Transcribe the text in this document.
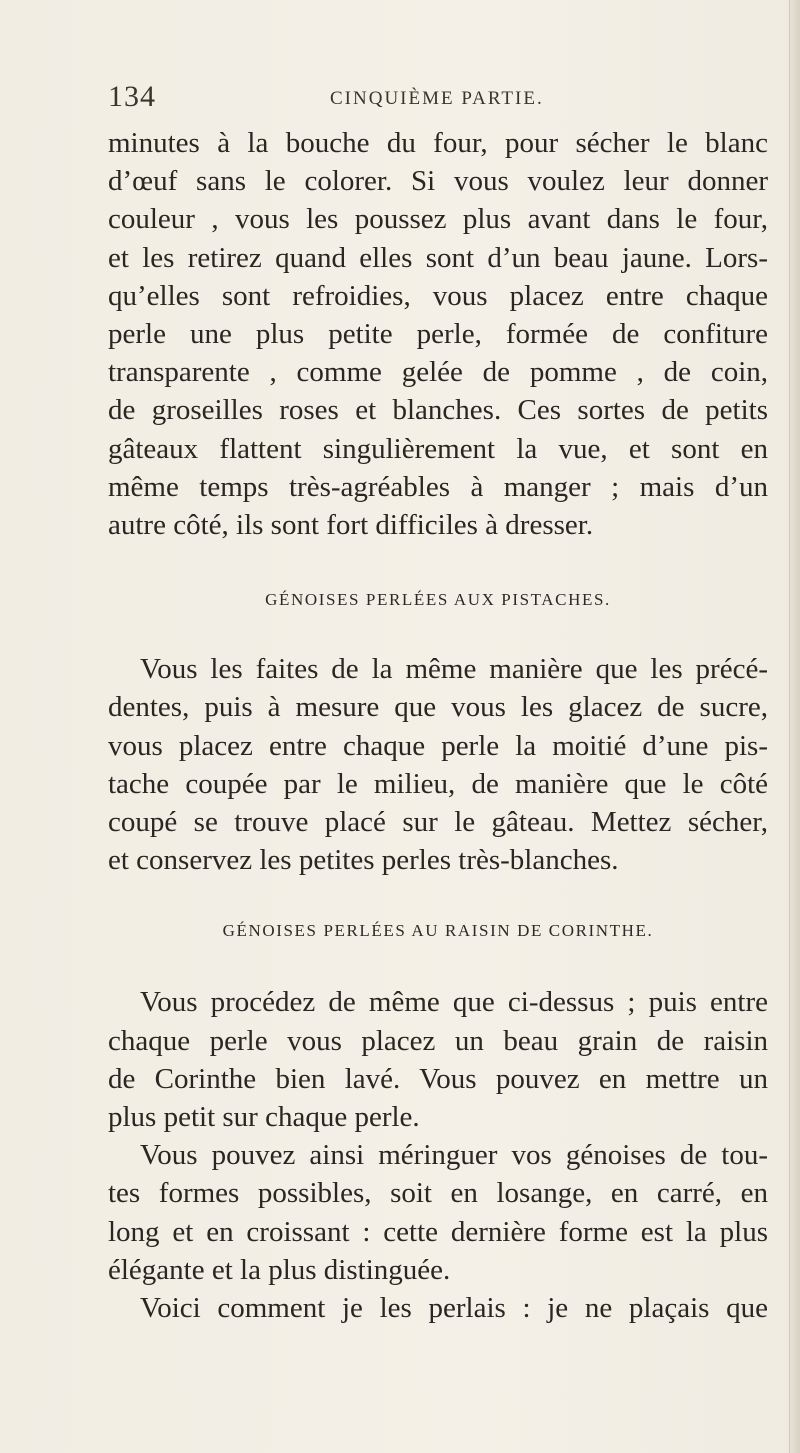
134	CINQUIÈME PARTIE.

minutes à la bouche du four, pour sécher le blanc
d’œuf sans le colorer. Si vous voulez leur donner
couleur , vous les poussez plus avant dans le four,
et les retirez quand elles sont d’un beau jaune. Lors-
qu’elles sont refroidies, vous placez entre chaque
perle une plus petite perle, formée de confiture
transparente , comme gelée de pomme , de coin,
de groseilles roses et blanches. Ces sortes de petits
gâteaux flattent singulièrement la vue, et sont en
même temps très-agréables à manger ; mais d’un
autre côté, ils sont fort difficiles à dresser.

GÉNOISES PERLÉES AUX PISTACHES.

Vous les faites de la même manière que les précé-
dentes, puis à mesure que vous les glacez de sucre,
vous placez entre chaque perle la moitié d’une pis-
tache coupée par le milieu, de manière que le côté
coupé se trouve placé sur le gâteau. Mettez sécher,
et conservez les petites perles très-blanches.

GÉNOISES PERLÉES AU RAISIN DE CORINTHE.

Vous procédez de même que ci-dessus ; puis entre
chaque perle vous placez un beau grain de raisin
de Corinthe bien lavé. Vous pouvez en mettre un
plus petit sur chaque perle.

Vous pouvez ainsi méringuer vos génoises de tou-
tes formes possibles, soit en losange, en carré, en
long et en croissant : cette dernière forme est la plus
élégante et la plus distinguée.

Voici comment je les perlais : je ne plaçais que
